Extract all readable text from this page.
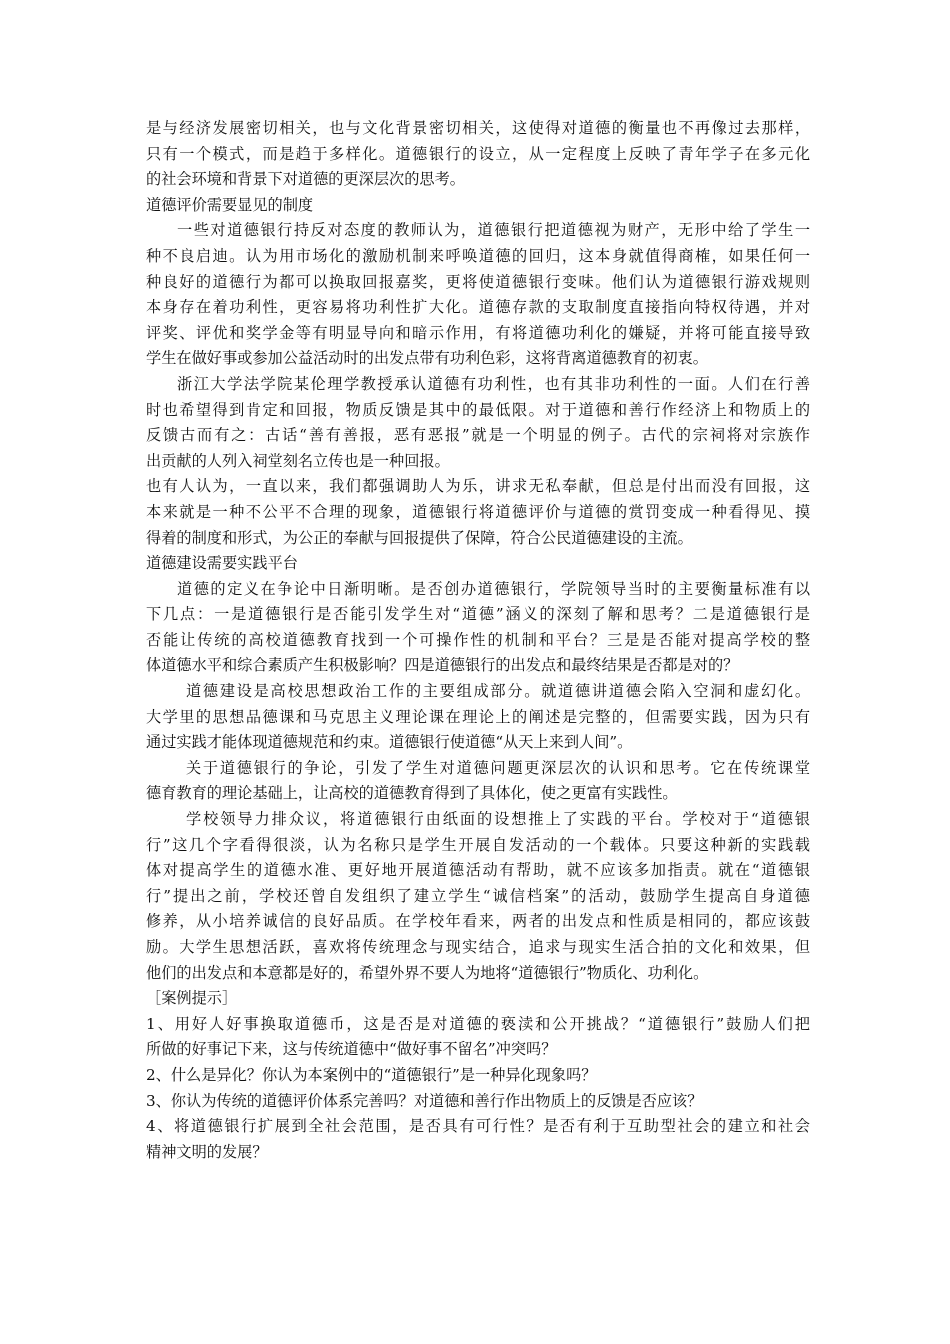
是与经济发展密切相关，也与文化背景密切相关，这使得对道德的衡量也不再像过去那样，
只有一个模式，而是趋于多样化。道德银行的设立，从一定程度上反映了青年学子在多元化
的社会环境和背景下对道德的更深层次的思考。
道德评价需要显见的制度
一些对道德银行持反对态度的教师认为，道德银行把道德视为财产，无形中给了学生一
种不良启迪。认为用市场化的激励机制来呼唤道德的回归，这本身就值得商榷，如果任何一
种良好的道德行为都可以换取回报嘉奖，更将使道德银行变味。他们认为道德银行游戏规则
本身存在着功利性，更容易将功利性扩大化。道德存款的支取制度直接指向特权待遇，并对
评奖、评优和奖学金等有明显导向和暗示作用，有将道德功利化的嫌疑，并将可能直接导致
学生在做好事或参加公益活动时的出发点带有功利色彩，这将背离道德教育的初衷。
浙江大学法学院某伦理学教授承认道德有功利性，也有其非功利性的一面。人们在行善
时也希望得到肯定和回报，物质反馈是其中的最低限。对于道德和善行作经济上和物质上的
反馈古而有之：古话“善有善报，恶有恶报”就是一个明显的例子。古代的宗祠将对宗族作
出贡献的人列入祠堂刻名立传也是一种回报。
也有人认为，一直以来，我们都强调助人为乐，讲求无私奉献，但总是付出而没有回报，这
本来就是一种不公平不合理的现象，道德银行将道德评价与道德的赏罚变成一种看得见、摸
得着的制度和形式，为公正的奉献与回报提供了保障，符合公民道德建设的主流。
道德建设需要实践平台
道德的定义在争论中日渐明晰。是否创办道德银行，学院领导当时的主要衡量标准有以
下几点：一是道德银行是否能引发学生对“道德”涵义的深刻了解和思考？二是道德银行是
否能让传统的高校道德教育找到一个可操作性的机制和平台？三是是否能对提高学校的整
体道德水平和综合素质产生积极影响？四是道德银行的出发点和最终结果是否都是对的？
道德建设是高校思想政治工作的主要组成部分。就道德讲道德会陷入空洞和虚幻化。
大学里的思想品德课和马克思主义理论课在理论上的阐述是完整的，但需要实践，因为只有
通过实践才能体现道德规范和约束。道德银行使道德“从天上来到人间”。
关于道德银行的争论，引发了学生对道德问题更深层次的认识和思考。它在传统课堂
德育教育的理论基础上，让高校的道德教育得到了具体化，使之更富有实践性。
学校领导力排众议，将道德银行由纸面的设想推上了实践的平台。学校对于“道德银
行”这几个字看得很淡，认为名称只是学生开展自发活动的一个载体。只要这种新的实践载
体对提高学生的道德水准、更好地开展道德活动有帮助，就不应该多加指责。就在“道德银
行”提出之前，学校还曾自发组织了建立学生“诚信档案”的活动，鼓励学生提高自身道德
修养，从小培养诚信的良好品质。在学校年看来，两者的出发点和性质是相同的，都应该鼓
励。大学生思想活跃，喜欢将传统理念与现实结合，追求与现实生活合拍的文化和效果，但
他们的出发点和本意都是好的，希望外界不要人为地将“道德银行”物质化、功利化。
［案例提示］
1、用好人好事换取道德币，这是否是对道德的亵渎和公开挑战？“道德银行”鼓励人们把
所做的好事记下来，这与传统道德中“做好事不留名”冲突吗？
2、什么是异化？你认为本案例中的“道德银行”是一种异化现象吗？
3、你认为传统的道德评价体系完善吗？对道德和善行作出物质上的反馈是否应该？
4、将道德银行扩展到全社会范围，是否具有可行性？是否有利于互助型社会的建立和社会
精神文明的发展？
